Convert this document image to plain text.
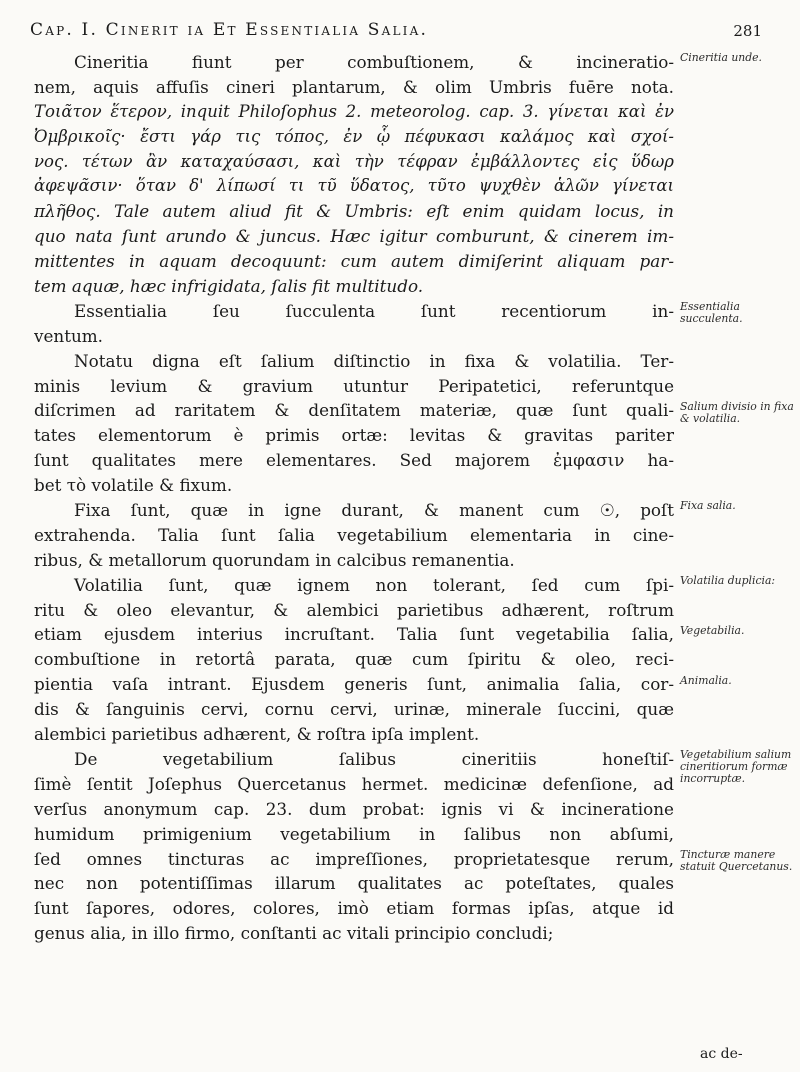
Cap. I. Cinerit ia Et Essentialia Salia.	281
Cineritia fiunt per combuſtionem, & incineratio-
nem, aquis affuſis cineri plantarum, & olim Umbris fuēre nota.
Τοιᾶτον ἕτερον, inquit Philoſophus 2. meteorolog. cap. 3. γίνεται καὶ ἐν
Ὀμβρικοῖς· ἔστι γάρ τις τόπος, ἐν ᾧ πέφυκασι καλάμος καὶ σχοί-
νος. τέτων ἂν καταχαύσασι, καὶ τὴν τέφραν ἐμβάλλοντες εἰς ὕδωρ
ἀφεψᾶσιν· ὅταν δ' λίπωσί τι τῦ ὕδατος, τῦτο ψυχθὲν ἁλῶν γίνεται
πλῆθος. Tale autem aliud fit & Umbris: eſt enim quidam locus, in
quo nata ſunt arundo & juncus. Hæc igitur comburunt, & cinerem im-
mittentes in aquam decoquunt: cum autem dimiſerint aliquam par-
tem aquæ, hæc infrigidata, ſalis fit multitudo.
Essentialia ſeu ſucculenta ſunt recentiorum in-
ventum.
Notatu digna eſt ſalium diſtinctio in fixa & volatilia. Ter-
minis levium & gravium utuntur Peripatetici, referuntque
diſcrimen ad raritatem & denſitatem materiæ, quæ ſunt quali-
tates elementorum è primis ortæ: levitas & gravitas pariter
ſunt qualitates mere elementares. Sed majorem ἐμφασιν ha-
bet τὸ volatile & fixum.
Fixa ſunt, quæ in igne durant, & manent cum ☉, poſt
extrahenda. Talia ſunt ſalia vegetabilium elementaria in cine-
ribus, & metallorum quorundam in calcibus remanentia.
Volatilia ſunt, quæ ignem non tolerant, ſed cum ſpi-
ritu & oleo elevantur, & alembici parietibus adhærent, roſtrum
etiam ejusdem interius incruſtant. Talia ſunt vegetabilia ſalia,
combuſtione in retortâ parata, quæ cum ſpiritu & oleo, reci-
pientia vaſa intrant. Ejusdem generis ſunt, animalia ſalia, cor-
dis & ſanguinis cervi, cornu cervi, urinæ, minerale ſuccini, quæ
alembici parietibus adhærent, & roſtra ipſa implent.
De vegetabilium ſalibus cineritiis honeſtiſ-
ſimè ſentit Joſephus Quercetanus hermet. medicinæ defenſione, ad
verſus anonymum cap. 23. dum probat: ignis vi & incineratione
humidum primigenium vegetabilium in ſalibus non abſumi,
ſed omnes tincturas ac impreſſiones, proprietatesque rerum,
nec non potentiſſimas illarum qualitates ac poteſtates, quales
ſunt ſapores, odores, colores, imò etiam formas ipſas, atque id
genus alia, in illo firmo, conſtanti ac vitali principio concludi;
Cineritia unde.
Essentialia succulenta.
Salium divisio in fixa & volatilia.
Fixa salia.
Volatilia duplicia:
Vegetabilia.
Animalia.
Vegetabilium salium cineritiorum formæ incorruptæ.
Tincturæ manere statuit Quercetanus.
ac de-
